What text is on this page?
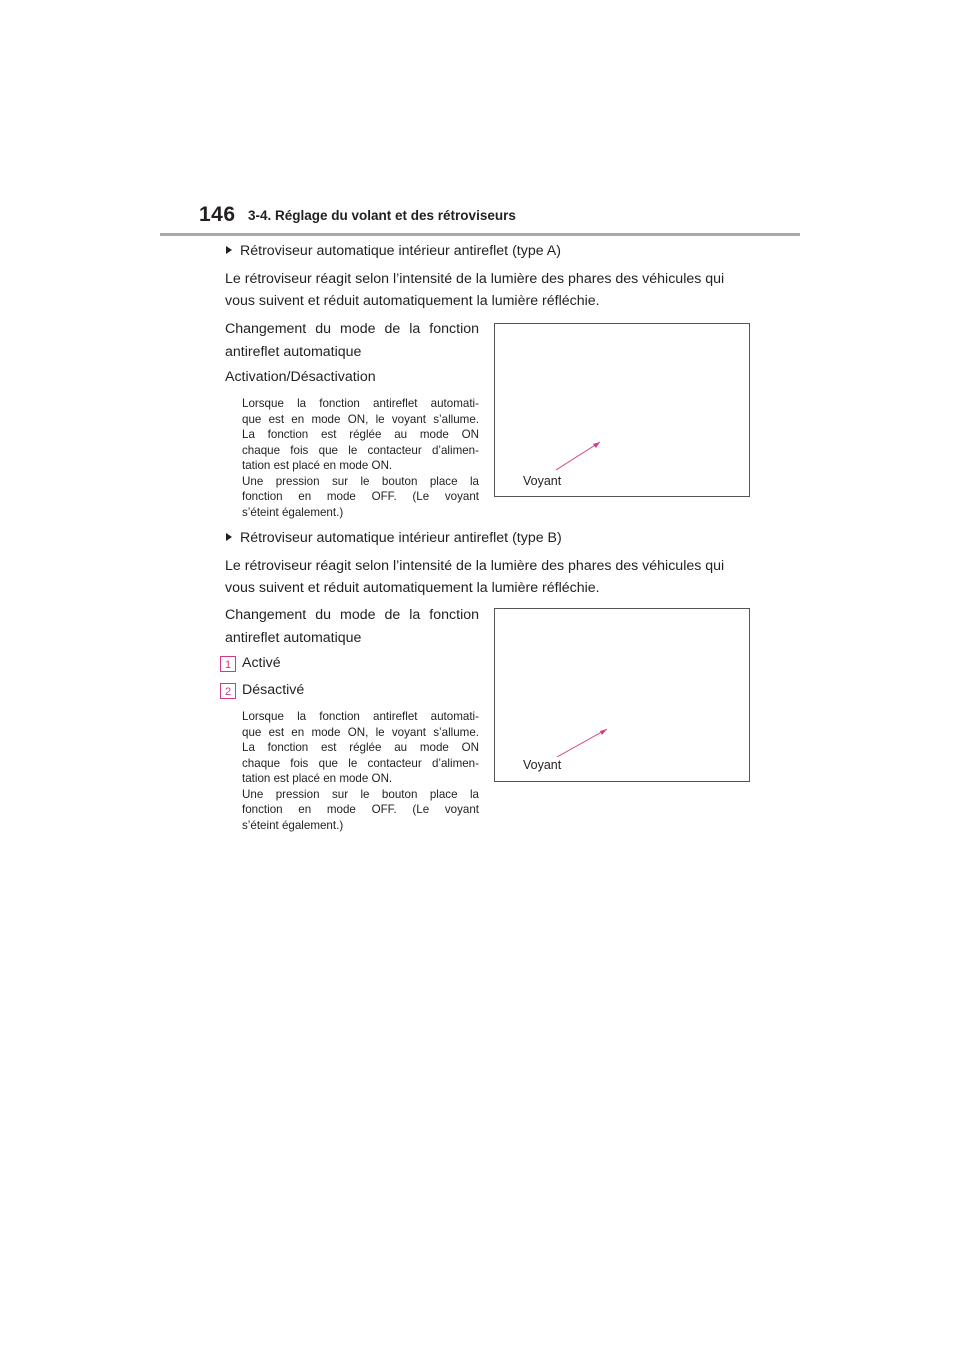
146 3-4. Réglage du volant et des rétroviseurs
Rétroviseur automatique intérieur antireflet (type A)
Le rétroviseur réagit selon l’intensité de la lumière des phares des véhicules qui
vous suivent et réduit automatiquement la lumière réfléchie.
Changement du mode de la fonction
antireflet automatique
Activation/Désactivation
Lorsque la fonction antireflet automati-
que est en mode ON, le voyant s’allume.
La fonction est réglée au mode ON
chaque fois que le contacteur d’alimen-
tation est placé en mode ON.
Une pression sur le bouton place la
fonction en mode OFF. (Le voyant
s’éteint également.)
Voyant
Rétroviseur automatique intérieur antireflet (type B)
Le rétroviseur réagit selon l’intensité de la lumière des phares des véhicules qui
vous suivent et réduit automatiquement la lumière réfléchie.
Changement du mode de la fonction
antireflet automatique
1 Activé
2 Désactivé
Lorsque la fonction antireflet automati-
que est en mode ON, le voyant s’allume.
La fonction est réglée au mode ON
chaque fois que le contacteur d’alimen-
tation est placé en mode ON.
Une pression sur le bouton place la
fonction en mode OFF. (Le voyant
s’éteint également.)
Voyant
